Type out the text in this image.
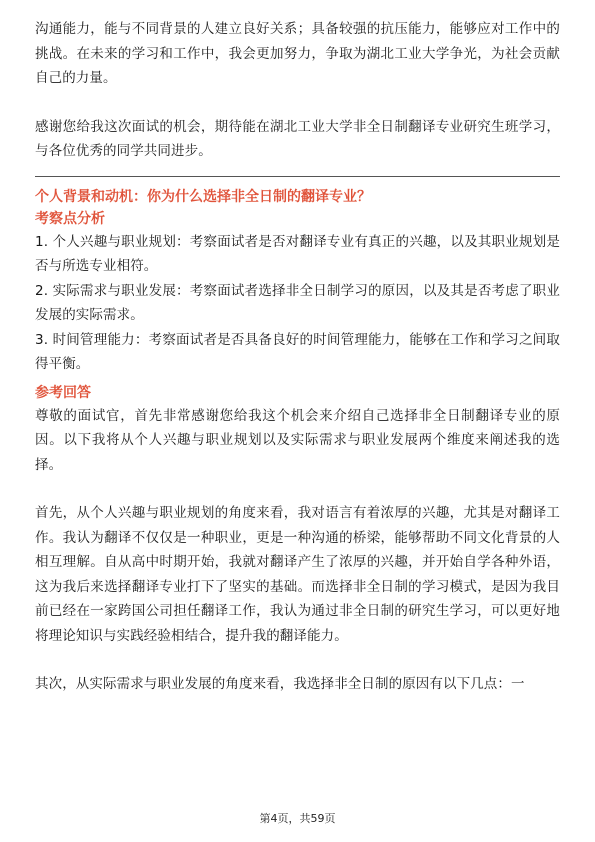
沟通能力，能与不同背景的人建立良好关系；具备较强的抗压能力，能够应对工作中的挑战。在未来的学习和工作中，我会更加努力，争取为湖北工业大学争光，为社会贡献自己的力量。

感谢您给我这次面试的机会，期待能在湖北工业大学非全日制翻译专业研究生班学习，与各位优秀的同学共同进步。

个人背景和动机：你为什么选择非全日制的翻译专业？
考察点分析

1. 个人兴趣与职业规划：考察面试者是否对翻译专业有真正的兴趣，以及其职业规划是否与所选专业相符。

2. 实际需求与职业发展：考察面试者选择非全日制学习的原因，以及其是否考虑了职业发展的实际需求。

3. 时间管理能力：考察面试者是否具备良好的时间管理能力，能够在工作和学习之间取得平衡。

参考回答

尊敬的面试官，首先非常感谢您给我这个机会来介绍自己选择非全日制翻译专业的原因。以下我将从个人兴趣与职业规划以及实际需求与职业发展两个维度来阐述我的选择。

首先，从个人兴趣与职业规划的角度来看，我对语言有着浓厚的兴趣，尤其是对翻译工作。我认为翻译不仅仅是一种职业，更是一种沟通的桥梁，能够帮助不同文化背景的人相互理解。自从高中时期开始，我就对翻译产生了浓厚的兴趣，并开始自学各种外语，这为我后来选择翻译专业打下了坚实的基础。而选择非全日制的学习模式，是因为我目前已经在一家跨国公司担任翻译工作，我认为通过非全日制的研究生学习，可以更好地将理论知识与实践经验相结合，提升我的翻译能力。

其次，从实际需求与职业发展的角度来看，我选择非全日制的原因有以下几点：一

第4页，共59页
